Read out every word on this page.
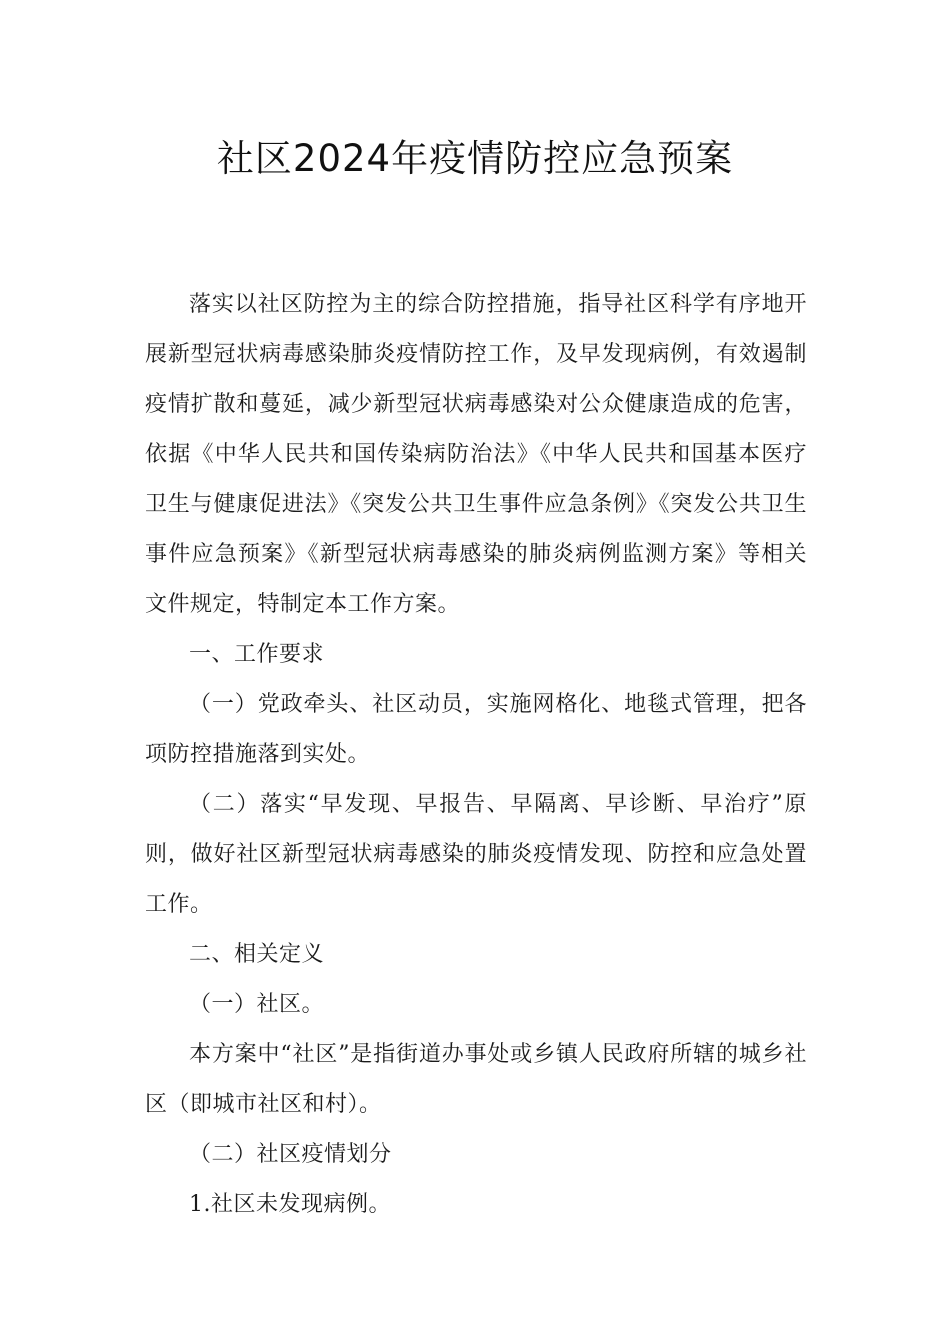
社区2024年疫情防控应急预案

落实以社区防控为主的综合防控措施，指导社区科学有序地开展新型冠状病毒感染肺炎疫情防控工作，及早发现病例，有效遏制疫情扩散和蔓延，减少新型冠状病毒感染对公众健康造成的危害，依据《中华人民共和国传染病防治法》《中华人民共和国基本医疗卫生与健康促进法》《突发公共卫生事件应急条例》《突发公共卫生事件应急预案》《新型冠状病毒感染的肺炎病例监测方案》等相关文件规定，特制定本工作方案。

一、工作要求

（一）党政牵头、社区动员，实施网格化、地毯式管理，把各项防控措施落到实处。

（二）落实“早发现、早报告、早隔离、早诊断、早治疗”原则，做好社区新型冠状病毒感染的肺炎疫情发现、防控和应急处置工作。

二、相关定义

（一）社区。

本方案中“社区”是指街道办事处或乡镇人民政府所辖的城乡社区（即城市社区和村）。

（二）社区疫情划分

1.社区未发现病例。
